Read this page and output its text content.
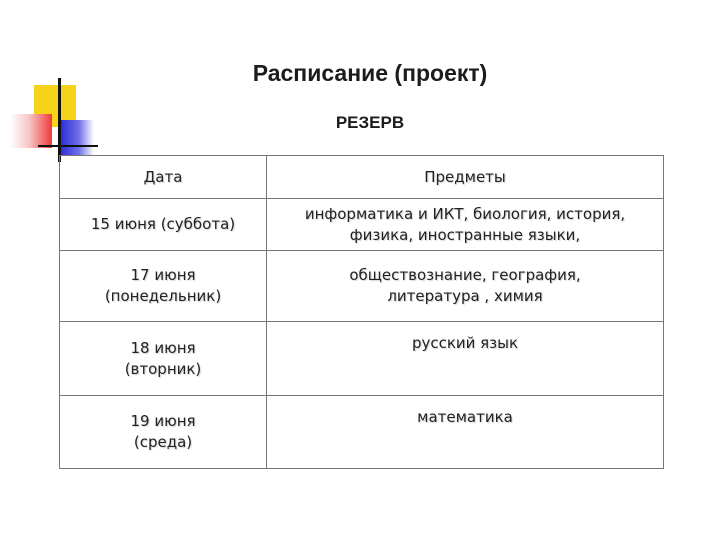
Расписание (проект)
РЕЗЕРВ
Дата	Предметы
15 июня (суббота)	информатика и ИКТ, биология, история,
физика, иностранные языки,
17 июня
(понедельник)	обществознание, география,
литература , химия
18 июня
(вторник)	русский язык
19 июня
(среда)	математика
